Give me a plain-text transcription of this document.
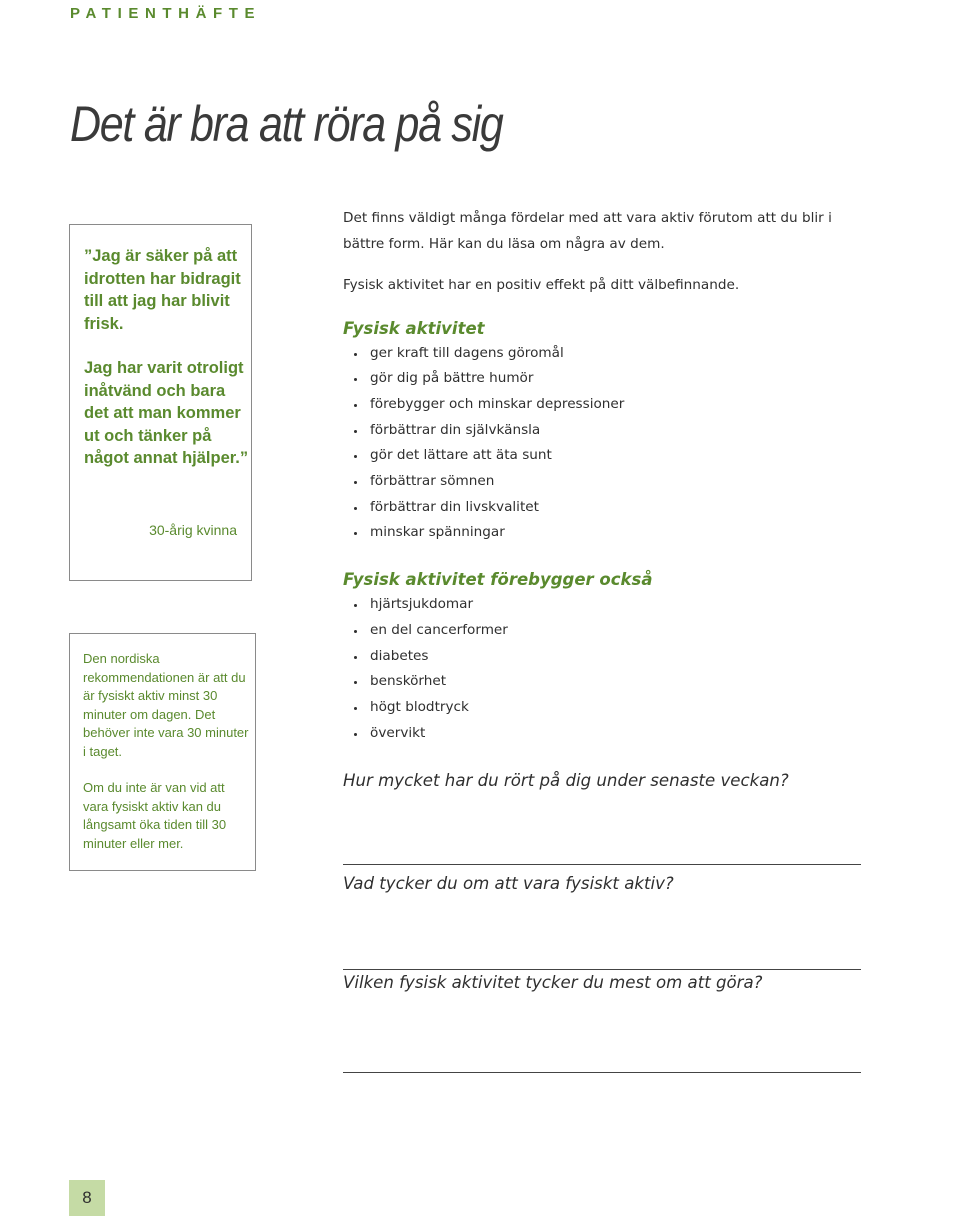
PATIENTHÄFTE
Det är bra att röra på sig

”Jag är säker på att idrotten har bidragit till att jag har blivit frisk.

Jag har varit otroligt inåtvänd och bara det att man kommer ut och tänker på något annat hjälper.”

30-årig kvinna

Den nordiska rekommendationen är att du är fysiskt aktiv minst 30 minuter om dagen. Det behöver inte vara 30 minuter i taget.

Om du inte är van vid att vara fysiskt aktiv kan du långsamt öka tiden till 30 minuter eller mer.

Det finns väldigt många fördelar med att vara aktiv förutom att du blir i bättre form. Här kan du läsa om några av dem.

Fysisk aktivitet har en positiv effekt på ditt välbefinnande.

Fysisk aktivitet
ger kraft till dagens göromål
gör dig på bättre humör
förebygger och minskar depressioner
förbättrar din självkänsla
gör det lättare att äta sunt
förbättrar sömnen
förbättrar din livskvalitet
minskar spänningar
Fysisk aktivitet förebygger också
hjärtsjukdomar
en del cancerformer
diabetes
benskörhet
högt blodtryck
övervikt

Hur mycket har du rört på dig under senaste veckan?

Vad tycker du om att vara fysiskt aktiv?

Vilken fysisk aktivitet tycker du mest om att göra?

8
